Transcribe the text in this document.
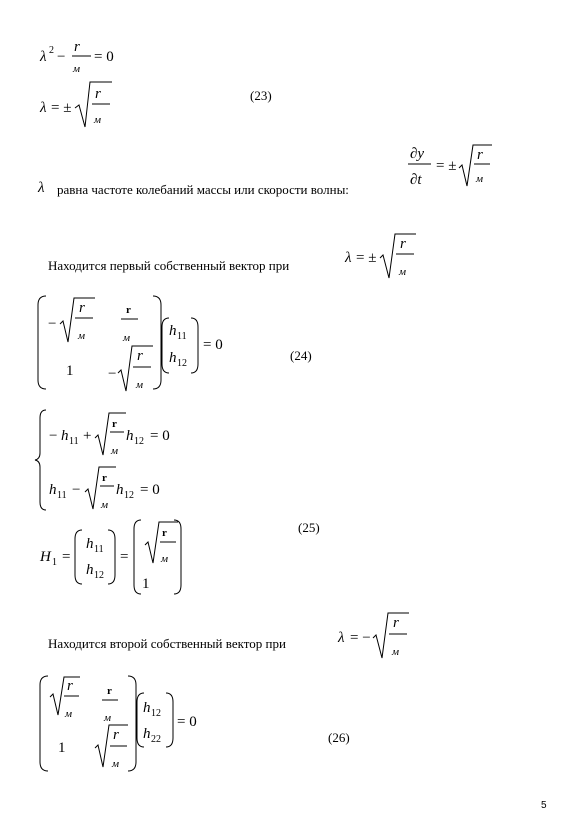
(23)
λ равна частоте колебаний массы или скорости волны:
Находится первый собственный вектор при
(24)
(25)
Находится второй собственный вектор при
(26)
5
λ 2 −
r
м
= 0
λ = ±
r
м
∂y
∂t
= ±
r
м
λ = ±
r
м
−
r
м
r
м
1 −
r
м
h 11
h 12
= 0
− h 11 +
r
м
h 12 = 0
h 11 −
r
м
h 12 = 0
H 1 =
h 11
h 12
=
r
м
1
λ = −
r
м
r
м
r
м
1
r
м
h 12
h 22
= 0
